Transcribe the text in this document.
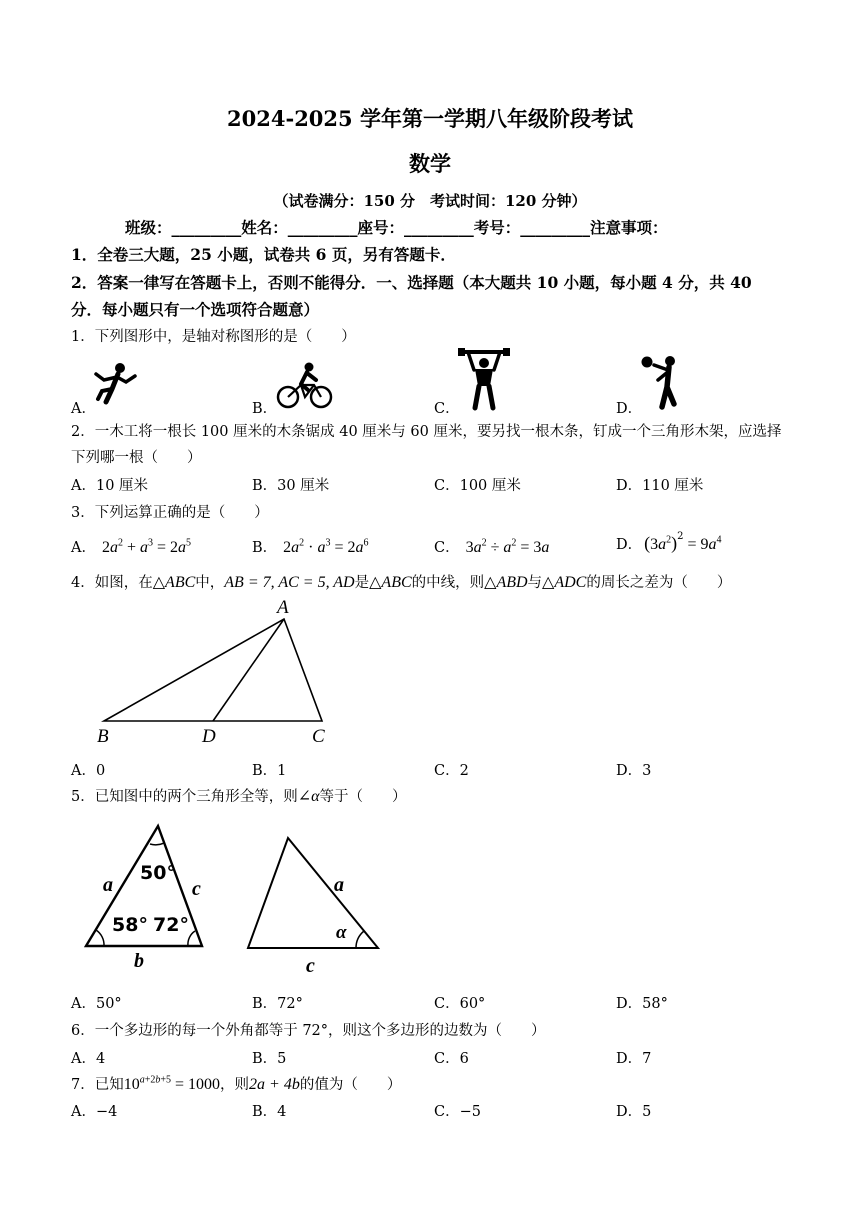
2024-2025 学年第一学期八年级阶段考试
数学
（试卷满分：150 分　考试时间：120 分钟）
班级：_________姓名：_________座号：_________考号：_________注意事项：
1．全卷三大题，25 小题，试卷共 6 页，另有答题卡．
2．答案一律写在答题卡上，否则不能得分．一、选择题（本大题共 10 小题，每小题 4 分，共 40
分．每小题只有一个选项符合题意）
1．下列图形中，是轴对称图形的是（　　）
A．	B．	C．	D．
2．一木工将一根长 100 厘米的木条锯成 40 厘米与 60 厘米，要另找一根木条，钉成一个三角形木架，应选择
下列哪一根（　　）
A．10 厘米	B．30 厘米	C．100 厘米	D．110 厘米
3．下列运算正确的是（　　）
A． $2a^2 + a^3 = 2a^5$	B． $2a^2 \cdot a^3 = 2a^6$	C． $3a^2 \div a^2 = 3a$	D． $(3a^2)^2 = 9a^4$
4．如图，在△ABC中，AB = 7, AC = 5, AD是△ABC的中线，则△ABD与△ADC的周长之差为（　　）
A
B	D	C
A．0	B．1	C．2	D．3
5．已知图中的两个三角形全等，则∠α等于（　　）
50°
58° 72°
a	c
b
a
α
c
A．50°	B．72°	C．60°	D．58°
6．一个多边形的每一个外角都等于 72°，则这个多边形的边数为（　　）
A．4	B．5	C．6	D．7
7．已知$10^{a+2b+5} = 1000$，则2a + 4b的值为（　　）
A．−4	B．4	C．−5	D．5
